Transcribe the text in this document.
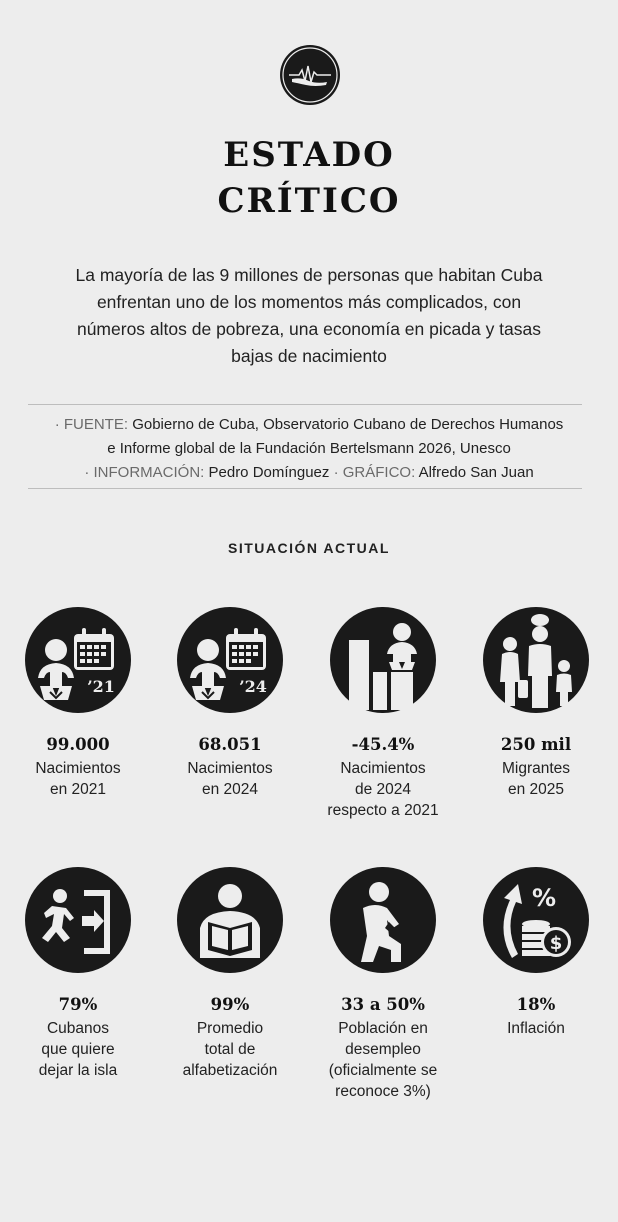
ESTADO
CRÍTICO
La mayoría de las 9 millones de personas que habitan Cuba enfrentan uno de los momentos más complicados, con números altos de pobreza, una economía en picada y tasas bajas de nacimiento
· FUENTE: Gobierno de Cuba, Observatorio Cubano de Derechos Humanos
e Informe global de la Fundación Bertelsmann 2026, Unesco
· INFORMACIÓN: Pedro Domínguez · GRÁFICO: Alfredo San Juan
SITUACIÓN ACTUAL
’21
99.000
Nacimientos
en 2021
’24
68.051
Nacimientos
en 2024
-45.4%
Nacimientos
de 2024
respecto a 2021
250 mil
Migrantes
en 2025
79%
Cubanos
que quiere
dejar la isla
99%
Promedio
total de
alfabetización
33 a 50%
Población en
desempleo
(oficialmente se
reconoce 3%)
%
$
18%
Inflación
